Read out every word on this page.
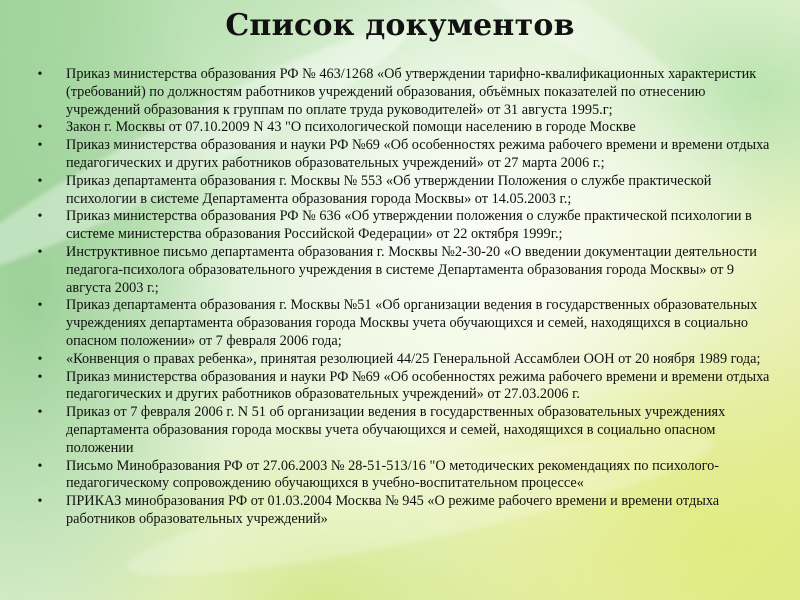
Список документов
• Приказ министерства образования РФ № 463/1268 «Об утверждении тарифно-квалификационных характеристик (требований) по должностям работников учреждений образования, объёмных показателей по отнесению учреждений образования к группам по оплате труда руководителей» от 31 августа 1995.г;
• Закон г. Москвы от 07.10.2009 N 43 "О психологической помощи населению в городе Москве
• Приказ министерства образования и науки РФ №69 «Об особенностях режима рабочего времени и времени отдыха педагогических и других работников образовательных учреждений» от 27 марта 2006 г.;
• Приказ департамента образования г. Москвы № 553 «Об утверждении Положения о службе практической психологии в системе Департамента образования города Москвы» от 14.05.2003 г.;
• Приказ министерства образования РФ № 636 «Об утверждении положения о службе практической психологии в системе министерства образования Российской Федерации» от 22 октября 1999г.;
• Инструктивное письмо департамента образования г. Москвы №2-30-20 «О введении документации деятельности педагога-психолога образовательного учреждения в системе Департамента образования города Москвы» от 9 августа 2003 г.;
• Приказ департамента образования г. Москвы №51 «Об организации ведения в государственных образовательных учреждениях департамента образования города Москвы учета обучающихся и семей, находящихся в социально опасном положении» от 7 февраля 2006 года;
• «Конвенция о правах ребенка», принятая резолюцией 44/25 Генеральной Ассамблеи ООН от 20 ноября 1989 года;
• Приказ министерства образования и науки РФ №69 «Об особенностях режима рабочего времени и времени отдыха педагогических и других работников образовательных учреждений» от 27.03.2006 г.
• Приказ от 7 февраля 2006 г. N 51 об организации ведения в государственных образовательных учреждениях департамента образования города москвы учета обучающихся и семей, находящихся в социально опасном положении
• Письмо Минобразования РФ от 27.06.2003 № 28-51-513/16 "О методических рекомендациях по психолого-педагогическому сопровождению обучающихся в учебно-воспитательном процессе«
• ПРИКАЗ минобразования РФ от 01.03.2004 Москва № 945 «О режиме рабочего времени и времени отдыха работников образовательных учреждений»
